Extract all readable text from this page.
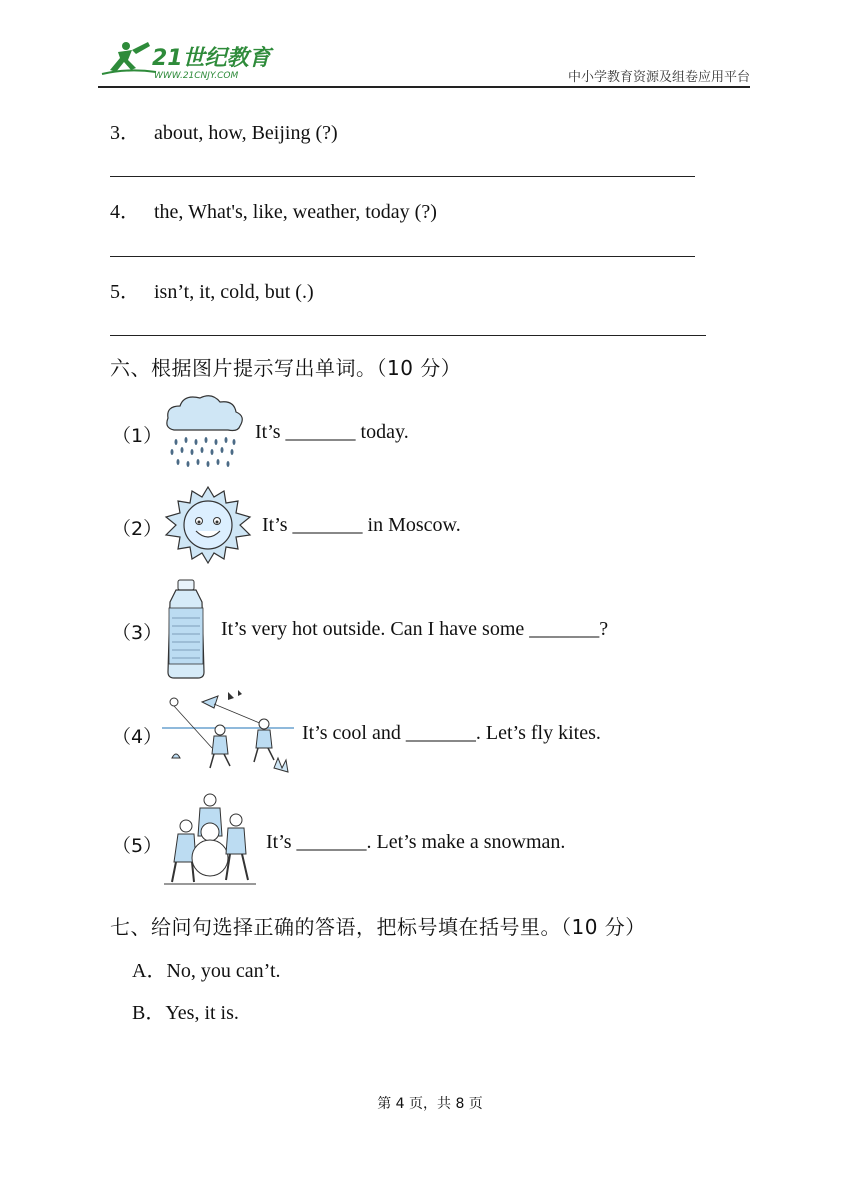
21世纪教育
WWW.21CNJY.COM	中小学教育资源及组卷应用平台
3． about, how, Beijing (?)
4． the, What's, like, weather, today (?)
5． isn’t, it, cold, but (.)
六、根据图片提示写出单词。（10 分）
（1）	It’s _______ today.
（2）	It’s _______ in Moscow.
（3）	It’s very hot outside. Can I have some _______?
（4）	It’s cool and _______. Let’s fly kites.
（5）	It’s _______. Let’s make a snowman.
七、给问句选择正确的答语，把标号填在括号里。（10 分）
A．No, you can’t.
B．Yes, it is.
第 4 页，共 8 页
